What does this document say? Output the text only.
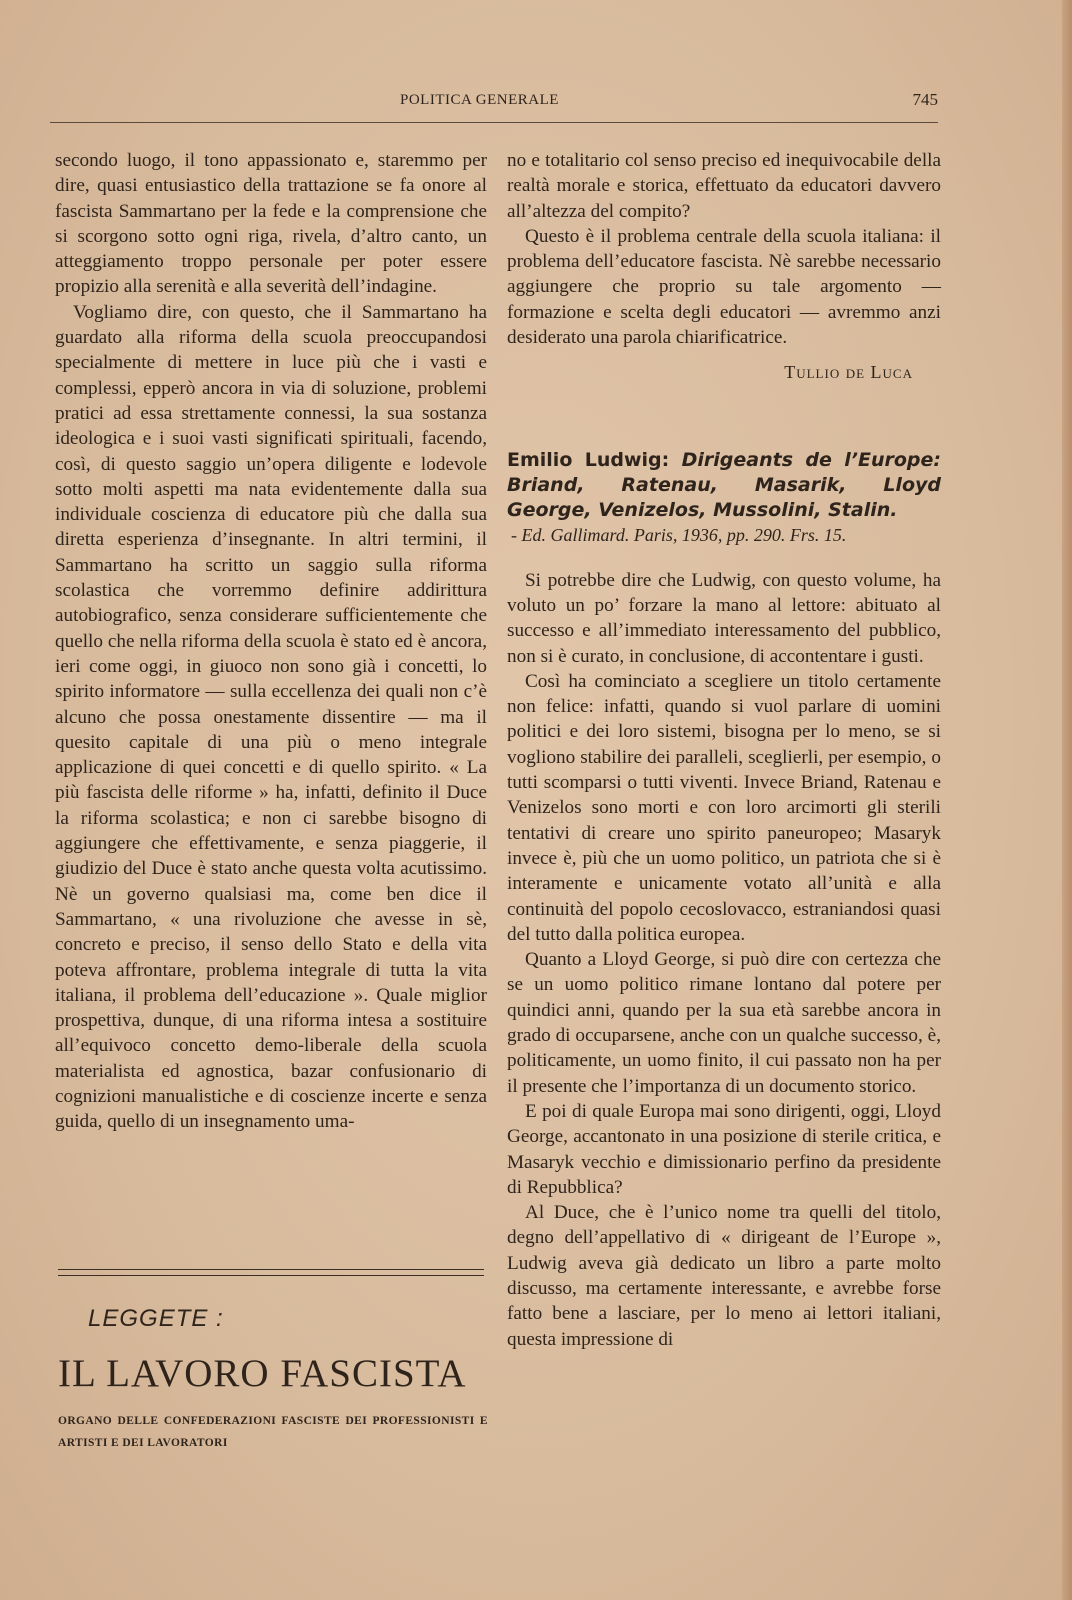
POLITICA GENERALE	745

secondo luogo, il tono appassionato e, staremmo per dire, quasi entusiastico della trattazione se fa onore al fascista Sammartano per la fede e la comprensione che si scorgono sotto ogni riga, rivela, d’altro canto, un atteggiamento troppo personale per poter essere propizio alla serenità e alla severità dell’indagine.

Vogliamo dire, con questo, che il Sammartano ha guardato alla riforma della scuola preoccupandosi specialmente di mettere in luce più che i vasti e complessi, epperò ancora in via di soluzione, problemi pratici ad essa strettamente connessi, la sua sostanza ideologica e i suoi vasti significati spirituali, facendo, così, di questo saggio un’opera diligente e lodevole sotto molti aspetti ma nata evidentemente dalla sua individuale coscienza di educatore più che dalla sua diretta esperienza d’insegnante. In altri termini, il Sammartano ha scritto un saggio sulla riforma scolastica che vorremmo definire addirittura autobiografico, senza considerare sufficientemente che quello che nella riforma della scuola è stato ed è ancora, ieri come oggi, in giuoco non sono già i concetti, lo spirito informatore — sulla eccellenza dei quali non c’è alcuno che possa onestamente dissentire — ma il quesito capitale di una più o meno integrale applicazione di quei concetti e di quello spirito. « La più fascista delle riforme » ha, infatti, definito il Duce la riforma scolastica; e non ci sarebbe bisogno di aggiungere che effettivamente, e senza piaggerie, il giudizio del Duce è stato anche questa volta acutissimo. Nè un governo qualsiasi ma, come ben dice il Sammartano, « una rivoluzione che avesse in sè, concreto e preciso, il senso dello Stato e della vita poteva affrontare, problema integrale di tutta la vita italiana, il problema dell’educazione ». Quale miglior prospettiva, dunque, di una riforma intesa a sostituire all’equivoco concetto demo-liberale della scuola materialista ed agnostica, bazar confusionario di cognizioni manualistiche e di coscienze incerte e senza guida, quello di un insegnamento uma-

LEGGETE :
IL LAVORO FASCISTA
ORGANO DELLE CONFEDERAZIONI FASCISTE DEI PROFESSIONISTI E ARTISTI E DEI LAVORATORI

no e totalitario col senso preciso ed inequivocabile della realtà morale e storica, effettuato da educatori davvero all’altezza del compito?

Questo è il problema centrale della scuola italiana: il problema dell’educatore fascista. Nè sarebbe necessario aggiungere che proprio su tale argomento — formazione e scelta degli educatori — avremmo anzi desiderato una parola chiarificatrice.

Tullio de Luca
Emilio Ludwig: Dirigeants de l’Europe: Briand, Ratenau, Masarik, Lloyd George, Venizelos, Mussolini, Stalin.
- Ed. Gallimard. Paris, 1936, pp. 290. Frs. 15.

Si potrebbe dire che Ludwig, con questo volume, ha voluto un po’ forzare la mano al lettore: abituato al successo e all’immediato interessamento del pubblico, non si è curato, in conclusione, di accontentare i gusti.

Così ha cominciato a scegliere un titolo certamente non felice: infatti, quando si vuol parlare di uomini politici e dei loro sistemi, bisogna per lo meno, se si vogliono stabilire dei paralleli, sceglierli, per esempio, o tutti scomparsi o tutti viventi. Invece Briand, Ratenau e Venizelos sono morti e con loro arcimorti gli sterili tentativi di creare uno spirito paneuropeo; Masaryk invece è, più che un uomo politico, un patriota che si è interamente e unicamente votato all’unità e alla continuità del popolo cecoslovacco, estraniandosi quasi del tutto dalla politica europea.

Quanto a Lloyd George, si può dire con certezza che se un uomo politico rimane lontano dal potere per quindici anni, quando per la sua età sarebbe ancora in grado di occuparsene, anche con un qualche successo, è, politicamente, un uomo finito, il cui passato non ha per il presente che l’importanza di un documento storico.

E poi di quale Europa mai sono dirigenti, oggi, Lloyd George, accantonato in una posizione di sterile critica, e Masaryk vecchio e dimissionario perfino da presidente di Repubblica?

Al Duce, che è l’unico nome tra quelli del titolo, degno dell’appellativo di « dirigeant de l’Europe », Ludwig aveva già dedicato un libro a parte molto discusso, ma certamente interessante, e avrebbe forse fatto bene a lasciare, per lo meno ai lettori italiani, questa impressione di
